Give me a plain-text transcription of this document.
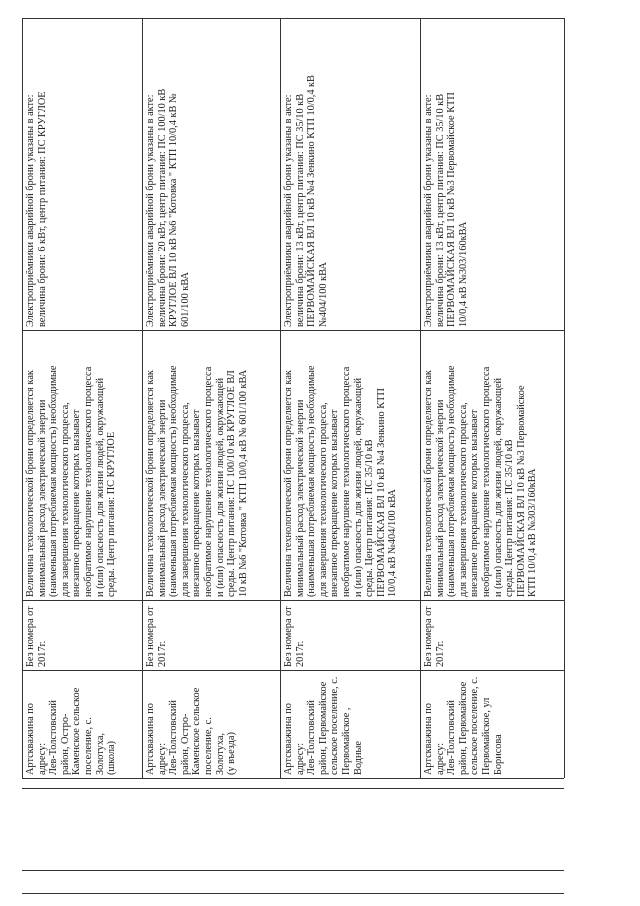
Артскважина по адресу:
Лев-Толстовский
район, Остро-
Каменское сельское
поселение, с. Золотуха,
(школа)
Без номера от
2017г.
Величина технологической брони определяется как
минимальный расход электрической энергии
(наименьшая потребляемая мощность) необходимые
для завершения технологического процесса,
внезапное прекращение которых вызывает
необратимое нарушение технологического процесса
и (или) опасность для жизни людей, окружающей
среды. Центр питания: ПС КРУГЛОЕ
Электроприёмники аварийной брони указаны в акте:
величина брони: 6 кВт, центр питания: ПС КРУГЛОЕ
Артскважина по адресу:
Лев-Толстовский
район, Остро-
Каменское сельское
поселение, с. Золотуха,
(у въезда)
Без номера от
2017г.
Величина технологической брони определяется как
минимальный расход электрической энергии
(наименьшая потребляемая мощность) необходимые
для завершения технологического процесса,
внезапное прекращение которых вызывает
необратимое нарушение технологического процесса
и (или) опасность для жизни людей, окружающей
среды. Центр питания: ПС 100/10 кВ КРУГЛОЕ ВЛ
10 кВ №6 "Котовка " КТП 10/0,4 кВ № 601/100 кВА
Электроприёмники аварийной брони указаны в акте:
величина брони: 20 кВт, центр питания: ПС 100/10 кВ
КРУГЛОЕ ВЛ 10 кВ №6 "Котовка " КТП 10/0,4 кВ №
601/100 кВА
Артскважина по адресу:
Лев-Толстовский
район, Первомайское
сельское поселение, с.
Первомайское , Водные
Без номера от
2017г.
Величина технологической брони определяется как
минимальный расход электрической энергии
(наименьшая потребляемая мощность) необходимые
для завершения технологического процесса,
внезапное прекращение которых вызывает
необратимое нарушение технологического процесса
и (или) опасность для жизни людей, окружающей
среды. Центр питания: ПС 35/10 кВ
ПЕРВОМАЙСКАЯ ВЛ 10 кВ №4 Зенкино КТП
10/0,4 кВ №404/100 кВА
Электроприёмники аварийной брони указаны в акте:
величина брони: 13 кВт, центр питания: ПС 35/10 кВ
ПЕРВОМАЙСКАЯ ВЛ 10 кВ №4 Зенкино КТП 10/0,4 кВ
№404/100 кВА
Артскважина по адресу:
Лев-Толстовский
район, Первомайское
сельское поселение, с.
Первомайское, ул
Борисова
Без номера от
2017г.
Величина технологической брони определяется как
минимальный расход электрической энергии
(наименьшая потребляемая мощность) необходимые
для завершения технологического процесса,
внезапное прекращение которых вызывает
необратимое нарушение технологического процесса
и (или) опасность для жизни людей, окружающей
среды. Центр питания: ПС 35/10 кВ
ПЕРВОМАЙСКАЯ ВЛ 10 кВ №3 Первомайское
КТП 10/0,4 кВ №303/160кВА
Электроприёмники аварийной брони указаны в акте:
величина брони: 13 кВт, центр питания: ПС 35/10 кВ
ПЕРВОМАЙСКАЯ ВЛ 10 кВ №3 Первомайское КТП
10/0,4 кВ №303/160кВА
